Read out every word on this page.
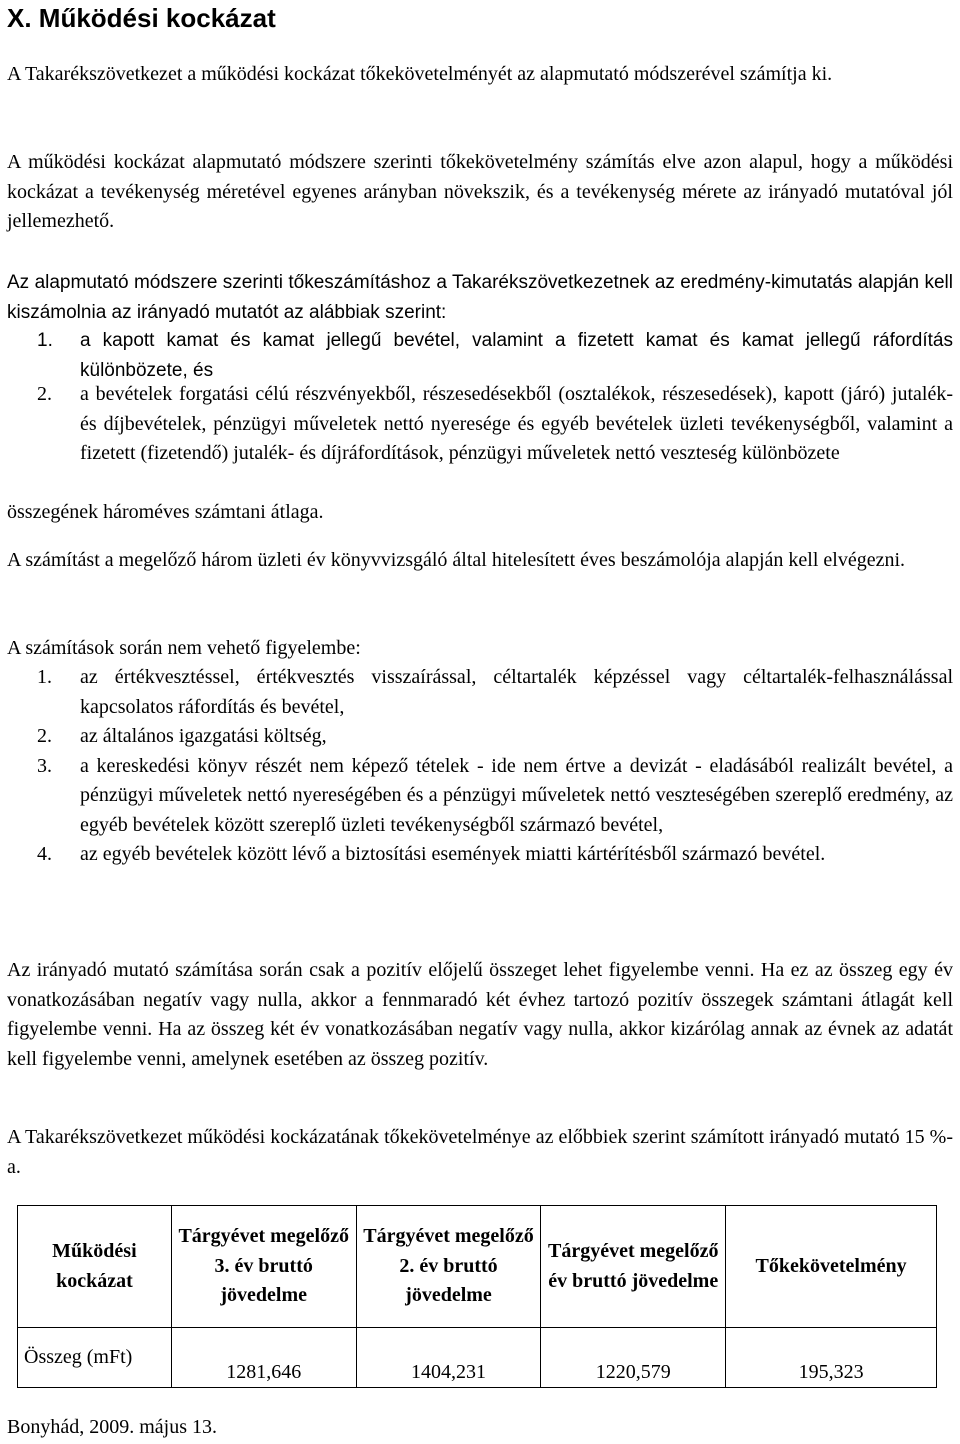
X. Működési kockázat
A Takarékszövetkezet a működési kockázat tőkekövetelményét az alapmutató módszerével számítja ki.
A működési kockázat alapmutató módszere szerinti tőkekövetelmény számítás elve azon alapul, hogy a működési kockázat a tevékenység méretével egyenes arányban növekszik, és a tevékenység mérete az irányadó mutatóval jól jellemezhető.
Az alapmutató módszere szerinti tőkeszámításhoz a Takarékszövetkezetnek az eredmény-kimutatás alapján kell kiszámolnia az irányadó mutatót az alábbiak szerint:
1. a kapott kamat és kamat jellegű bevétel, valamint a fizetett kamat és kamat jellegű ráfordítás különbözete, és
2. a bevételek forgatási célú részvényekből, részesedésekből (osztalékok, részesedések), kapott (járó) jutalék- és díjbevételek, pénzügyi műveletek nettó nyeresége és egyéb bevételek üzleti tevékenységből, valamint a fizetett (fizetendő) jutalék- és díjráfordítások, pénzügyi műveletek nettó veszteség különbözete
összegének hároméves számtani átlaga.
A számítást a megelőző három üzleti év könyvvizsgáló által hitelesített éves beszámolója alapján kell elvégezni.
A számítások során nem vehető figyelembe:
1. az értékvesztéssel, értékvesztés visszaírással, céltartalék képzéssel vagy céltartalék-felhasználással kapcsolatos ráfordítás és bevétel,
2. az általános igazgatási költség,
3. a kereskedési könyv részét nem képező tételek - ide nem értve a devizát - eladásából realizált bevétel, a pénzügyi műveletek nettó nyereségében és a pénzügyi műveletek nettó veszteségében szereplő eredmény, az egyéb bevételek között szereplő üzleti tevékenységből származó bevétel,
4. az egyéb bevételek között lévő a biztosítási események miatti kártérítésből származó bevétel.
Az irányadó mutató számítása során csak a pozitív előjelű összeget lehet figyelembe venni. Ha ez az összeg egy év vonatkozásában negatív vagy nulla, akkor a fennmaradó két évhez tartozó pozitív összegek számtani átlagát kell figyelembe venni. Ha az összeg két év vonatkozásában negatív vagy nulla, akkor kizárólag annak az évnek az adatát kell figyelembe venni, amelynek esetében az összeg pozitív.
A Takarékszövetkezet működési kockázatának tőkekövetelménye az előbbiek szerint számított irányadó mutató 15 %-a.
Működési kockázat	Tárgyévet megelőző 3. év bruttó jövedelme	Tárgyévet megelőző 2. év bruttó jövedelme	Tárgyévet megelőző év bruttó jövedelme	Tőkekövetelmény
Összeg (mFt)	1281,646	1404,231	1220,579	195,323
Bonyhád, 2009. május 13.
